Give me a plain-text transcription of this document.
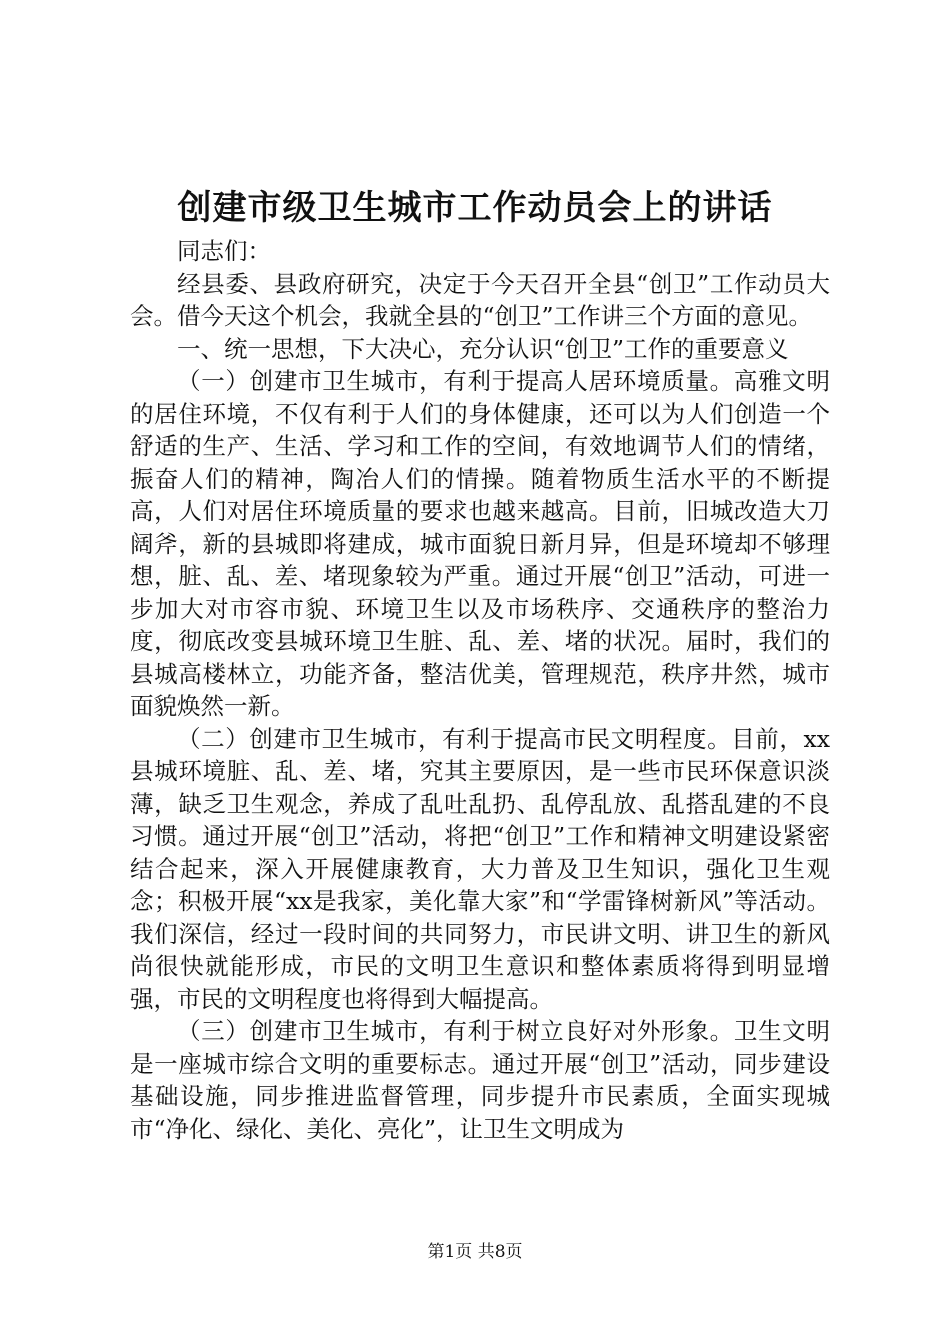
创建市级卫生城市工作动员会上的讲话

同志们：

经县委、县政府研究，决定于今天召开全县“创卫”工作动员大会。借今天这个机会，我就全县的“创卫”工作讲三个方面的意见。

一、统一思想，下大决心，充分认识“创卫”工作的重要意义

（一）创建市卫生城市，有利于提高人居环境质量。高雅文明的居住环境，不仅有利于人们的身体健康，还可以为人们创造一个舒适的生产、生活、学习和工作的空间，有效地调节人们的情绪，振奋人们的精神，陶冶人们的情操。随着物质生活水平的不断提高，人们对居住环境质量的要求也越来越高。目前，旧城改造大刀阔斧，新的县城即将建成，城市面貌日新月异，但是环境却不够理想，脏、乱、差、堵现象较为严重。通过开展“创卫”活动，可进一步加大对市容市貌、环境卫生以及市场秩序、交通秩序的整治力度，彻底改变县城环境卫生脏、乱、差、堵的状况。届时，我们的县城高楼林立，功能齐备，整洁优美，管理规范，秩序井然，城市面貌焕然一新。

（二）创建市卫生城市，有利于提高市民文明程度。目前，xx县城环境脏、乱、差、堵，究其主要原因，是一些市民环保意识淡薄，缺乏卫生观念，养成了乱吐乱扔、乱停乱放、乱搭乱建的不良习惯。通过开展“创卫”活动，将把“创卫”工作和精神文明建设紧密结合起来，深入开展健康教育，大力普及卫生知识，强化卫生观念；积极开展“xx是我家，美化靠大家”和“学雷锋树新风”等活动。我们深信，经过一段时间的共同努力，市民讲文明、讲卫生的新风尚很快就能形成，市民的文明卫生意识和整体素质将得到明显增强，市民的文明程度也将得到大幅提高。

（三）创建市卫生城市，有利于树立良好对外形象。卫生文明是一座城市综合文明的重要标志。通过开展“创卫”活动，同步建设基础设施，同步推进监督管理，同步提升市民素质，全面实现城市“净化、绿化、美化、亮化”，让卫生文明成为

第1页 共8页
